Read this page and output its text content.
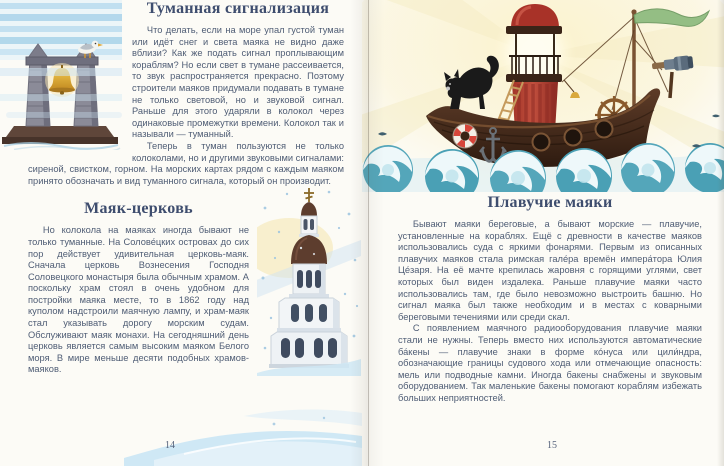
Туманная сигнализация

Что делать, если на море упал густой туман или идёт снег и света маяка не видно даже вблизи? Как же подать сигнал проплывающим кораблям? Но если свет в тумане рассеивается, то звук распространяется прекрасно. Поэтому строители маяков придумали подавать в тумане не только световой, но и звуковой сигнал. Раньше для этого ударяли в колокол через одинаковые промежутки времени. Колокол так и называли — туманный.

Теперь в туман пользуются не только колоколами, но и другими звуковыми сигналами: сиреной, свистком, горном. На морских картах рядом с каждым маяком принято обозначать и вид туманного сигнала, который он производит.

Маяк-церковь

Но колокола на маяках иногда бывают не только туманные. На Солове́цких островах до сих пор действует удивительная церковь-маяк. Сначала церковь Вознесения Господня Соловецкого монастыря была обычным храмом. А поскольку храм стоял в очень удобном для постройки маяка месте, то в 1862 году над куполом надстроили маячную лампу, и храм-маяк стал указывать дорогу морским судам. Обслуживают маяк монахи. На сегодняшний день церковь является самым высоким маяком Белого моря. В мире меньше десяти подобных храмов-маяков.

14
Плавучие маяки

Бывают маяки береговые, а бывают морские — плавучие, установленные на кораблях. Ещё с древности в качестве маяков использовались суда с яркими фонарями. Первым из описанных плавучих маяков стала римская гале́ра времён импера́тора Юлия Це́заря. На её мачте крепилась жаровня с горящими углями, свет которых был виден издалека. Раньше плавучие маяки часто использовались там, где было невозможно выстроить башню. Но сигнал маяка был также необходим и в местах с коварными береговыми течениями или среди скал.

С появлением маячного радиооборудования плавучие маяки стали не нужны. Теперь вместо них используются автоматические ба́кены — плавучие знаки в форме ко́нуса или цили́ндра, обозначающие границы судового хода или отмечающие опасность: мель или подводные камни. Иногда бакены снабжены и звуковым оборудованием. Так маленькие бакены помогают кораблям избежать больших неприятностей.

15
